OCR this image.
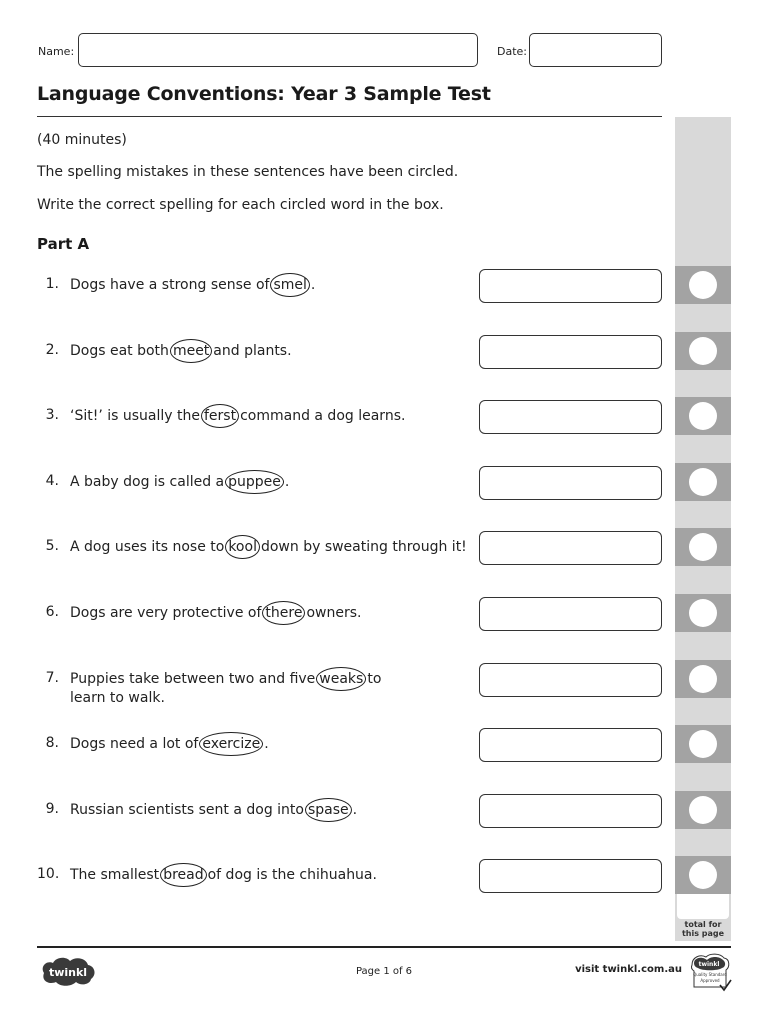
Name:	Date:
Language Conventions: Year 3 Sample Test
(40 minutes)
The spelling mistakes in these sentences have been circled.
Write the correct spelling for each circled word in the box.
Part A
total for
this page
1. Dogs have a strong sense of smel .
2. Dogs eat both meet and plants.
3. ‘Sit!’ is usually the ferst command a dog learns.
4. A baby dog is called a puppee .
5. A dog uses its nose to kool down by sweating through it!
6. Dogs are very protective of there owners.
7. Puppies take between two and five weaks to
learn to walk.
8. Dogs need a lot of exercize .
9. Russian scientists sent a dog into spase .
10. The smallest bread of dog is the chihuahua.
twinkl	Page 1 of 6	visit twinkl.com.au	twinkl
Quality Standard
Approved
